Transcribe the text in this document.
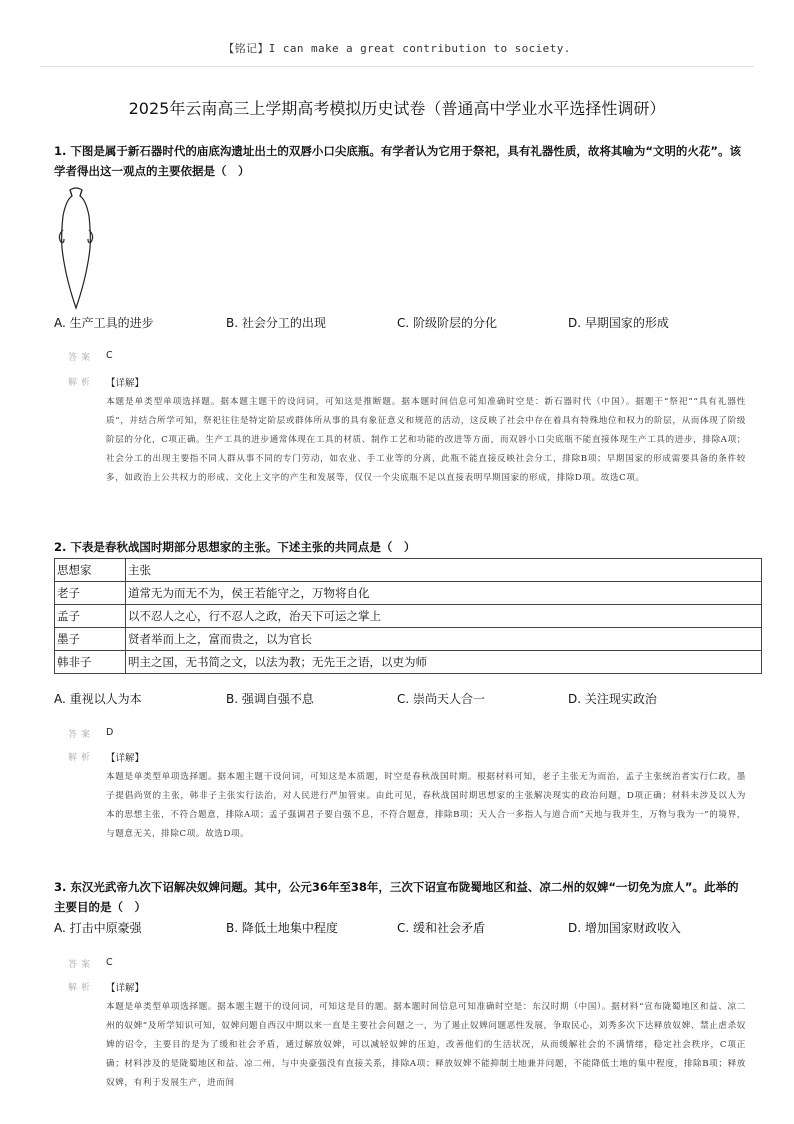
【铭记】I can make a great contribution to society.
2025年云南高三上学期高考模拟历史试卷（普通高中学业水平选择性调研）

1. 下图是属于新石器时代的庙底沟遗址出土的双唇小口尖底瓶。有学者认为它用于祭祀，具有礼器性质，故将其喻为“文明的火花”。该学者得出这一观点的主要依据是（　）

A. 生产工具的进步	B. 社会分工的出现	C. 阶级阶层的分化	D. 早期国家的形成
答案 C
解析 【详解】
本题是单类型单项选择题。据本题主题干的设问词，可知这是推断题。据本题时间信息可知准确时空是：新石器时代（中国）。据题干“祭祀”“具有礼器性质”，并结合所学可知，祭祀往往是特定阶层或群体所从事的具有象征意义和规范的活动，这反映了社会中存在着具有特殊地位和权力的阶层，从而体现了阶级阶层的分化，C项正确。生产工具的进步通常体现在工具的材质、制作工艺和功能的改进等方面，而双唇小口尖底瓶不能直接体现生产工具的进步，排除A项；社会分工的出现主要指不同人群从事不同的专门劳动，如农业、手工业等的分离，此瓶不能直接反映社会分工，排除B项；早期国家的形成需要具备的条件较多，如政治上公共权力的形成、文化上文字的产生和发展等，仅仅一个尖底瓶不足以直接表明早期国家的形成，排除D项。故选C项。

2. 下表是春秋战国时期部分思想家的主张。下述主张的共同点是（　）

思想家	主张
老子	道常无为而无不为，侯王若能守之，万物将自化
孟子	以不忍人之心，行不忍人之政，治天下可运之掌上
墨子	贤者举而上之，富而贵之，以为官长
韩非子	明主之国，无书简之文，以法为教；无先王之语，以吏为师
A. 重视以人为本	B. 强调自强不息	C. 崇尚天人合一	D. 关注现实政治
答案 D
解析 【详解】
本题是单类型单项选择题。据本题主题干设问词，可知这是本质题，时空是春秋战国时期。根据材料可知，老子主张无为而治，孟子主张统治者实行仁政，墨子提倡尚贤的主张，韩非子主张实行法治，对人民进行严加管束。由此可见，春秋战国时期思想家的主张解决现实的政治问题，D项正确；材料未涉及以人为本的思想主张，不符合题意，排除A项；孟子强调君子要自强不息，不符合题意，排除B项；天人合一多指人与道合而“天地与我并生，万物与我为一”的境界，与题意无关，排除C项。故选D项。

3. 东汉光武帝九次下诏解决奴婢问题。其中，公元36年至38年，三次下诏宣布陇蜀地区和益、凉二州的奴婢“一切免为庶人”。此举的主要目的是（　）

A. 打击中原豪强	B. 降低土地集中程度	C. 缓和社会矛盾	D. 增加国家财政收入
答案 C
解析 【详解】
本题是单类型单项选择题。据本题主题干的设问词，可知这是目的题。据本题时间信息可知准确时空是：东汉时期（中国）。据材料“宣布陇蜀地区和益、凉二州的奴婢”及所学知识可知，奴婢问题自西汉中期以来一直是主要社会问题之一，为了遏止奴婢问题恶性发展，争取民心，刘秀多次下达释放奴婢、禁止虐杀奴婢的诏令，主要目的是为了缓和社会矛盾，通过解放奴婢，可以减轻奴婢的压迫，改善他们的生活状况，从而缓解社会的不满情绪，稳定社会秩序，C项正确；材料涉及的是陇蜀地区和益、凉二州，与中央豪强没有直接关系，排除A项；释放奴婢不能抑制土地兼并问题，不能降低土地的集中程度，排除B项；释放奴婢，有利于发展生产，进而间
